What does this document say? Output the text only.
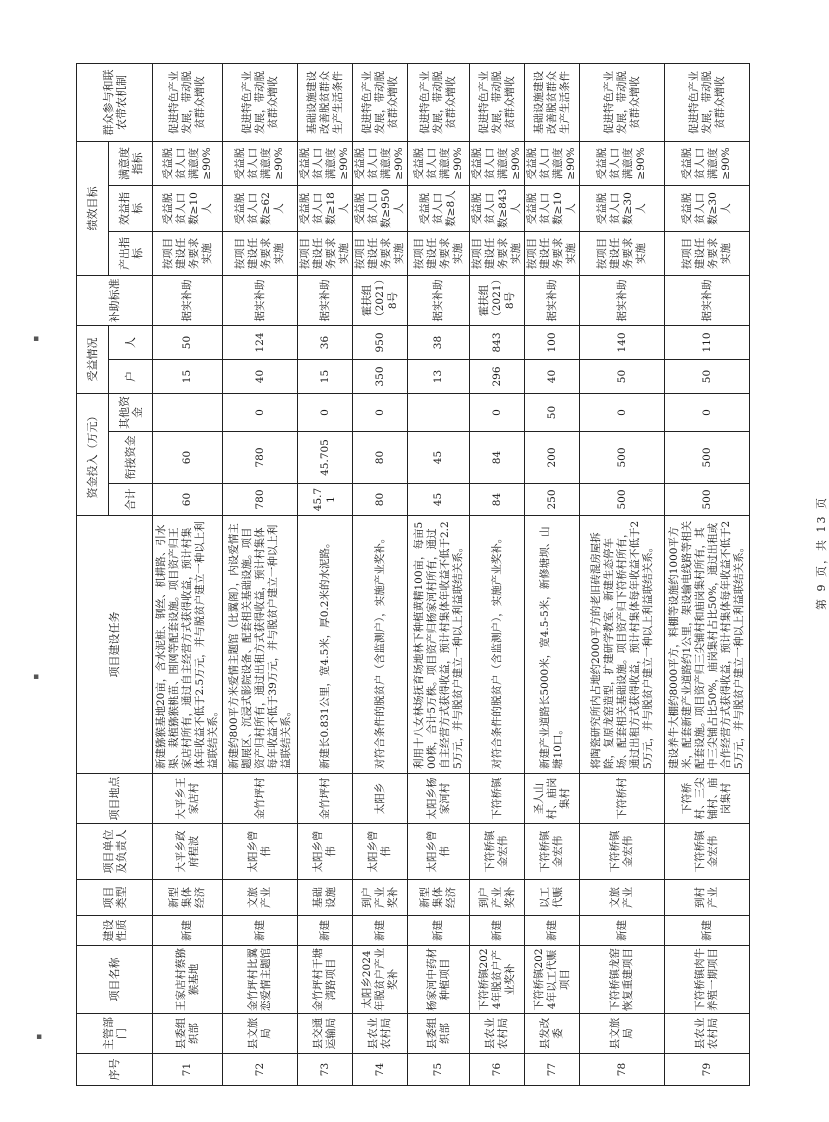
▪
▪
▪
序号	主管部门	项目名称	建设性质	项目类型	项目单位及负责人	项目地点	项目建设任务	资金投入（万元）			受益情况		补助标准	绩效目标			群众参与和联农带农机制
								合计	衔接资金	其他资金	户	人		产出指标	效益指标	满意度指标	

71	县委组织部	王家店村蔡猕猴基地	新建	新型集体经济	大平乡政府程波	大平乡王家店村	新建猕猴基地20亩，含水泥桩、钢丝、机耕路、引水渠、栽植猕猴桃苗、围网等配套设施。项目资产归王家店村所有，通过自主经营方式获得收益，预计村集体年收益不低于2.5万元，并与脱贫户建立一种以上利益联结关系。	60	60		15	50	据实补助	按项目建设任务要求实施	受益脱贫人口数≥10人	受益脱贫人口满意度≥90%	促进特色产业发展，带动脱贫群众增收
72	县文旅局	金竹坪村比翼恋爱情主题馆	新建	文旅产业	太阳乡曾伟	金竹坪村	新建约800平方米爱情主题馆（比翼阁），内设爱情主题展区、沉浸式影院设备、配套相关基础设施。项目资产归村所有，通过出租方式获得收益，预计村集体每年收益不低于39万元，并与脱贫户建立一种以上利益联结关系。	780	780	0	40	124	据实补助	按项目建设任务要求实施	受益脱贫人口数≥62人	受益脱贫人口满意度≥90%	促进特色产业发展，带动脱贫群众增收
73	县交通运输局	金竹坪村干塘湾路项目	新建	基础设施	太阳乡曾伟	金竹坪村	新建长0.831公里，宽4.5米，厚0.2米的水泥路。	45.71	45.705	0	15	36	据实补助	按项目建设任务要求实施	受益脱贫人口数≥18人	受益脱贫人口满意度≥90%	基础设施建设改善脱贫群众生产生活条件
74	县农业农村局	太阳乡2024年脱贫户产业奖补	新建	到户产业奖补	太阳乡曾伟	太阳乡	对符合条件的脱贫户（含监测户），实施产业奖补。	80	80	0	350	950	霍扶组（2021）8号	按项目建设任务要求实施	受益脱贫人口数≥950人	受益脱贫人口满意度≥90%	促进特色产业发展，带动脱贫群众增收
75	县委组织部	杨家河中药材种植项目	新建	新型集体经济	太阳乡曾伟	太阳乡杨家河村	利用十八女林场抚育场地林下种植黄精100亩，每亩500株，合计5万株。项目资产归杨家河村所有，通过自主经营方式获得收益，预计村集体年收益不低于2.25万元，并与脱贫户建立一种以上利益联结关系。	45	45		13	38	据实补助	按项目建设任务要求实施	受益脱贫人口数≥8人	受益脱贫人口满意度≥90%	促进特色产业发展，带动脱贫群众增收
76	县农业农村局	下符桥镇2024年脱贫户产业奖补	新建	到户产业奖补	下符桥镇金宏伟	下符桥镇	对符合条件的脱贫户（含监测户），实施产业奖补。	84	84	0	296	843	霍扶组（2021）8号	按项目建设任务要求实施	受益脱贫人口数≥843人	受益脱贫人口满意度≥90%	促进特色产业发展，带动脱贫群众增收
77	县发改委	下符桥镇2024年以工代赈项目	新建	以工代赈	下符桥镇金宏伟	圣人山村、庙岗集村	新建产业道路长5000米，宽4.5-5米，新修塘坝、山塘10口。	250	200	50	40	100	据实补助	按项目建设任务要求实施	受益脱贫人口数≥10人	受益脱贫人口满意度≥90%	基础设施建设改善脱贫群众生产生活条件
78	县文旅局	下符桥镇龙窑恢复重建项目	新建	文旅产业	下符桥镇金宏伟	下符桥村	将陶瓷研究所内占地约2000平方的老旧砖混房屋拆除，复原龙窑造型，扩建研学教室、新建生态停车场、配套相关基础设施。项目资产归下符桥村所有，通过出租方式获得收益，预计村集体每年收益不低于25万元，并与脱贫户建立一种以上利益联结关系。	500	500	0	50	140	据实补助	按项目建设任务要求实施	受益脱贫人口数≥30人	受益脱贫人口满意度≥90%	促进特色产业发展，带动脱贫群众增收
79	县农业农村局	下符桥镇肉牛养殖一期项目	新建	到村产业	下符桥镇金宏伟	下符桥村、三尖铺村、庙岗集村	建设养牛大棚约8000平方，料棚等设施约1000平方米，配套新建产业道路约1公里，架设输电线路等相关配套设施。项目资产归三尖铺村和庙岗集村所有，其中三尖铺占比50%，庙岗集村占比50%，通过出租或合作经营方式获得收益，预计村集体每年收益不低于25万元，并与脱贫户建立一种以上利益联结关系。	500	500	0	50	110	据实补助	按项目建设任务要求实施	受益脱贫人口数≥30人	受益脱贫人口满意度≥90%	促进特色产业发展，带动脱贫群众增收
第 9 页，共 13 页
